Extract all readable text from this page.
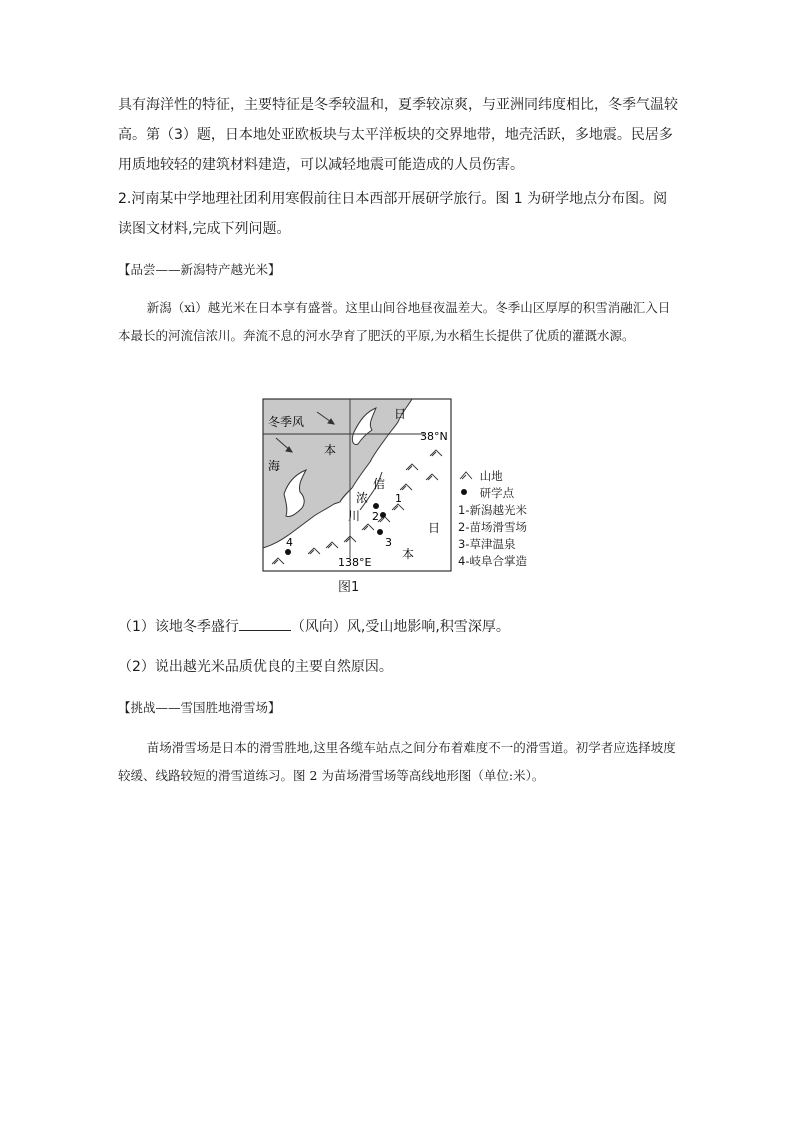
具有海洋性的特征，主要特征是冬季较温和，夏季较凉爽，与亚洲同纬度相比，冬季气温较高。第（3）题，日本地处亚欧板块与太平洋板块的交界地带，地壳活跃，多地震。民居多用质地较轻的建筑材料建造，可以减轻地震可能造成的人员伤害。

2.河南某中学地理社团利用寒假前往日本西部开展研学旅行。图 1 为研学地点分布图。阅读图文材料,完成下列问题。

【品尝——新潟特产越光米】

新潟（xì）越光米在日本享有盛誉。这里山间谷地昼夜温差大。冬季山区厚厚的积雪消融汇入日本最长的河流信浓川。奔流不息的河水孕育了肥沃的平原,为水稻生长提供了优质的灌溉水源。

冬季风
本
海
日
38°N
信
浓
川
日
本
1
2
3
4
138°E
图1
山地
研学点
1-新潟越光米
2-苗场滑雪场
3-草津温泉
4-岐阜合掌造

（1）该地冬季盛行	（风向）风,受山地影响,积雪深厚。

（2）说出越光米品质优良的主要自然原因。

【挑战——雪国胜地滑雪场】

苗场滑雪场是日本的滑雪胜地,这里各缆车站点之间分布着难度不一的滑雪道。初学者应选择坡度较缓、线路较短的滑雪道练习。图 2 为苗场滑雪场等高线地形图（单位:米）。
